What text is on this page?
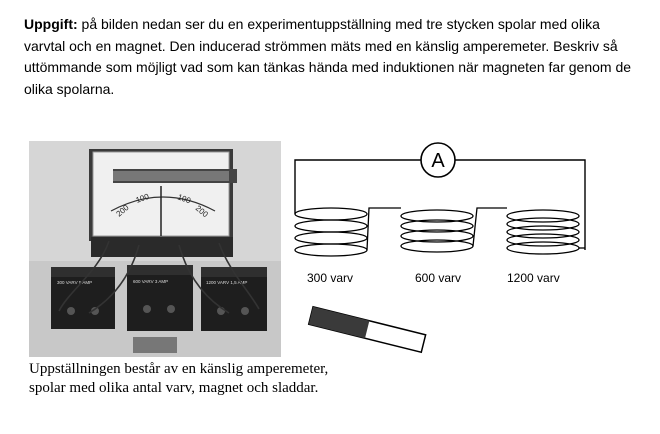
Uppgift: på bilden nedan ser du en experimentuppställning med tre stycken spolar med olika varvtal och en magnet. Den inducerad strömmen mäts med en känslig amperemeter. Beskriv så uttömmande som möjligt vad som kan tänkas hända med induktionen när magneten far genom de olika spolarna.
200
100	100
200
300 VARV 5 AMP	600 VARV 3 AMP	1200 VARV 1,5 AMP
Uppställningen består av en känslig amperemeter, spolar med olika antal varv, magnet och sladdar.
A
300 varv	600 varv	1200 varv
